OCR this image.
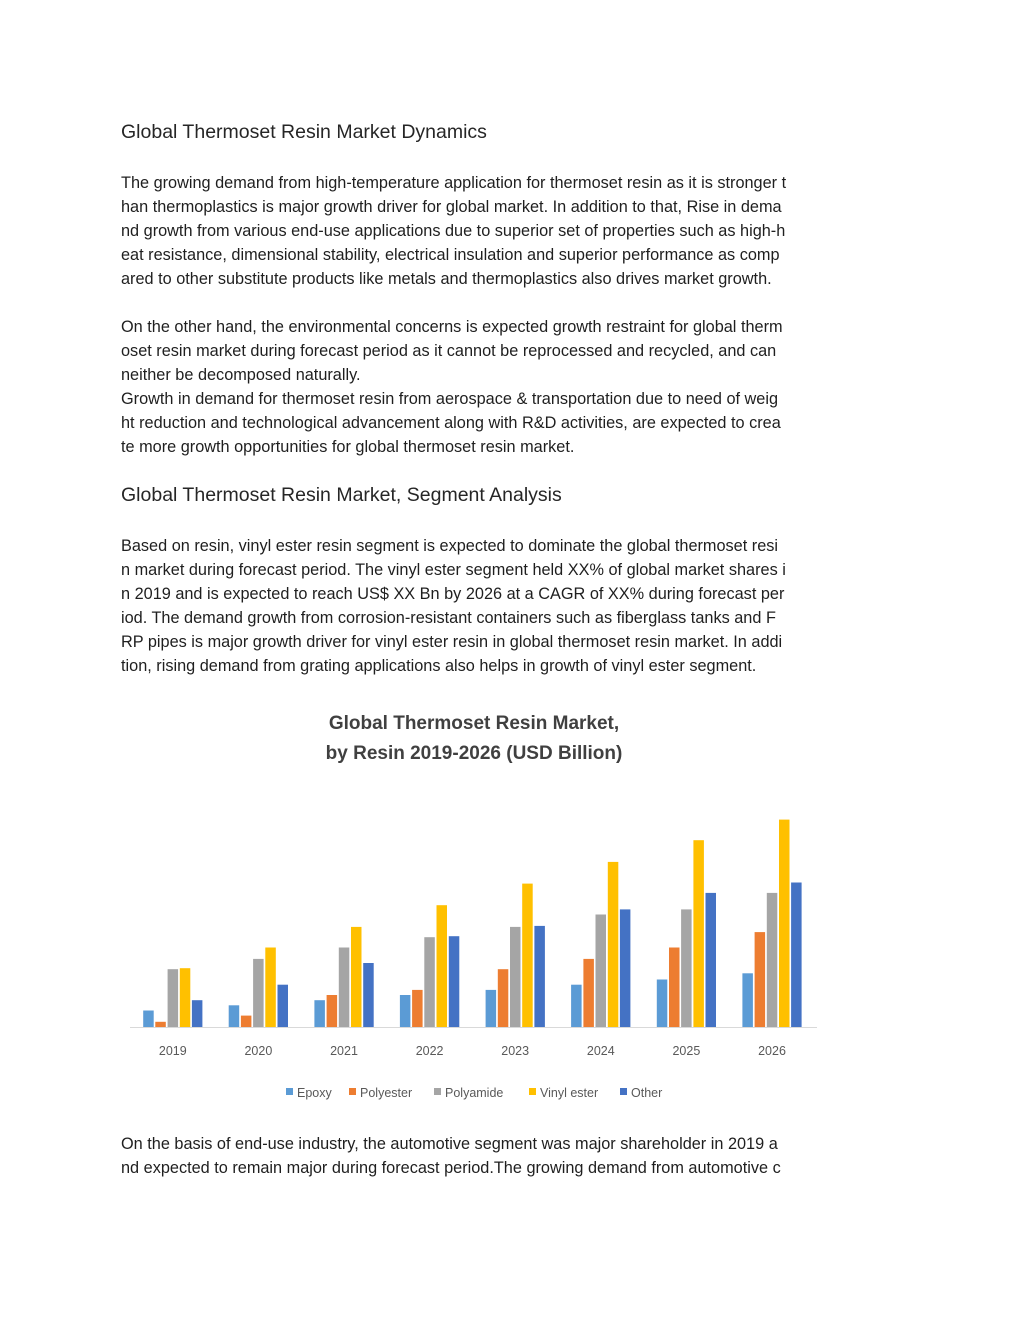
Global Thermoset Resin Market Dynamics
The growing demand from high-temperature application for thermoset resin as it is stronger t
han thermoplastics is major growth driver for global market. In addition to that, Rise in dema
nd growth from various end-use applications due to superior set of properties such as high-h
eat resistance, dimensional stability, electrical insulation and superior performance as comp
ared to other substitute products like metals and thermoplastics also drives market growth.
On the other hand, the environmental concerns is expected growth restraint for global therm
oset resin market during forecast period as it cannot be reprocessed and recycled, and can
neither be decomposed naturally.
Growth in demand for thermoset resin from aerospace & transportation due to need of weig
ht reduction and technological advancement along with R&D activities, are expected to crea
te more growth opportunities for global thermoset resin market.
Global Thermoset Resin Market, Segment Analysis
Based on resin, vinyl ester resin segment is expected to dominate the global thermoset resi
n market during forecast period. The vinyl ester segment held XX% of global market shares i
n 2019 and is expected to reach US$ XX Bn by 2026 at a CAGR of XX% during forecast per
iod. The demand growth from corrosion-resistant containers such as fiberglass tanks and F
RP pipes is major growth driver for vinyl ester resin in global thermoset resin market. In addi
tion, rising demand from grating applications also helps in growth of vinyl ester segment.
Global Thermoset Resin Market,
by Resin 2019-2026 (USD Billion)
2019	2020	2021	2022	2023	2024	2025	2026
Epoxy Polyester	Polyamide	Vinyl ester	Other
On the basis of end-use industry, the automotive segment was major shareholder in 2019 a
nd expected to remain major during forecast period.The growing demand from automotive c
